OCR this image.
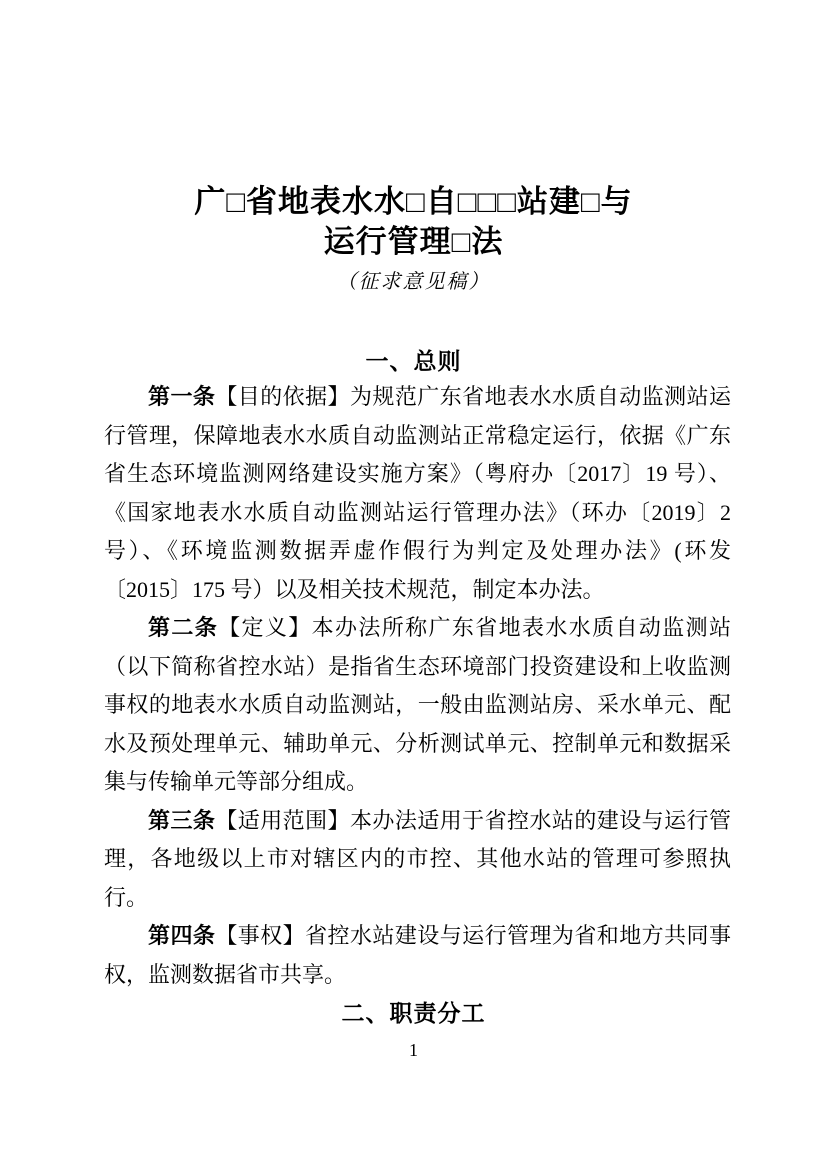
广□省地表水水□自□□□站建□与
运行管理□法
（征求意见稿）
一、总则

第一条【目的依据】为规范广东省地表水水质自动监测站运行管理，保障地表水水质自动监测站正常稳定运行，依据《广东省生态环境监测网络建设实施方案》（粤府办〔2017〕19 号）、《国家地表水水质自动监测站运行管理办法》（环办〔2019〕2 号）、《环境监测数据弄虚作假行为判定及处理办法》(环发〔2015〕175 号）以及相关技术规范，制定本办法。

第二条【定义】本办法所称广东省地表水水质自动监测站（以下简称省控水站）是指省生态环境部门投资建设和上收监测事权的地表水水质自动监测站，一般由监测站房、采水单元、配水及预处理单元、辅助单元、分析测试单元、控制单元和数据采集与传输单元等部分组成。

第三条【适用范围】本办法适用于省控水站的建设与运行管理，各地级以上市对辖区内的市控、其他水站的管理可参照执行。

第四条【事权】省控水站建设与运行管理为省和地方共同事权，监测数据省市共享。

二、职责分工
1
